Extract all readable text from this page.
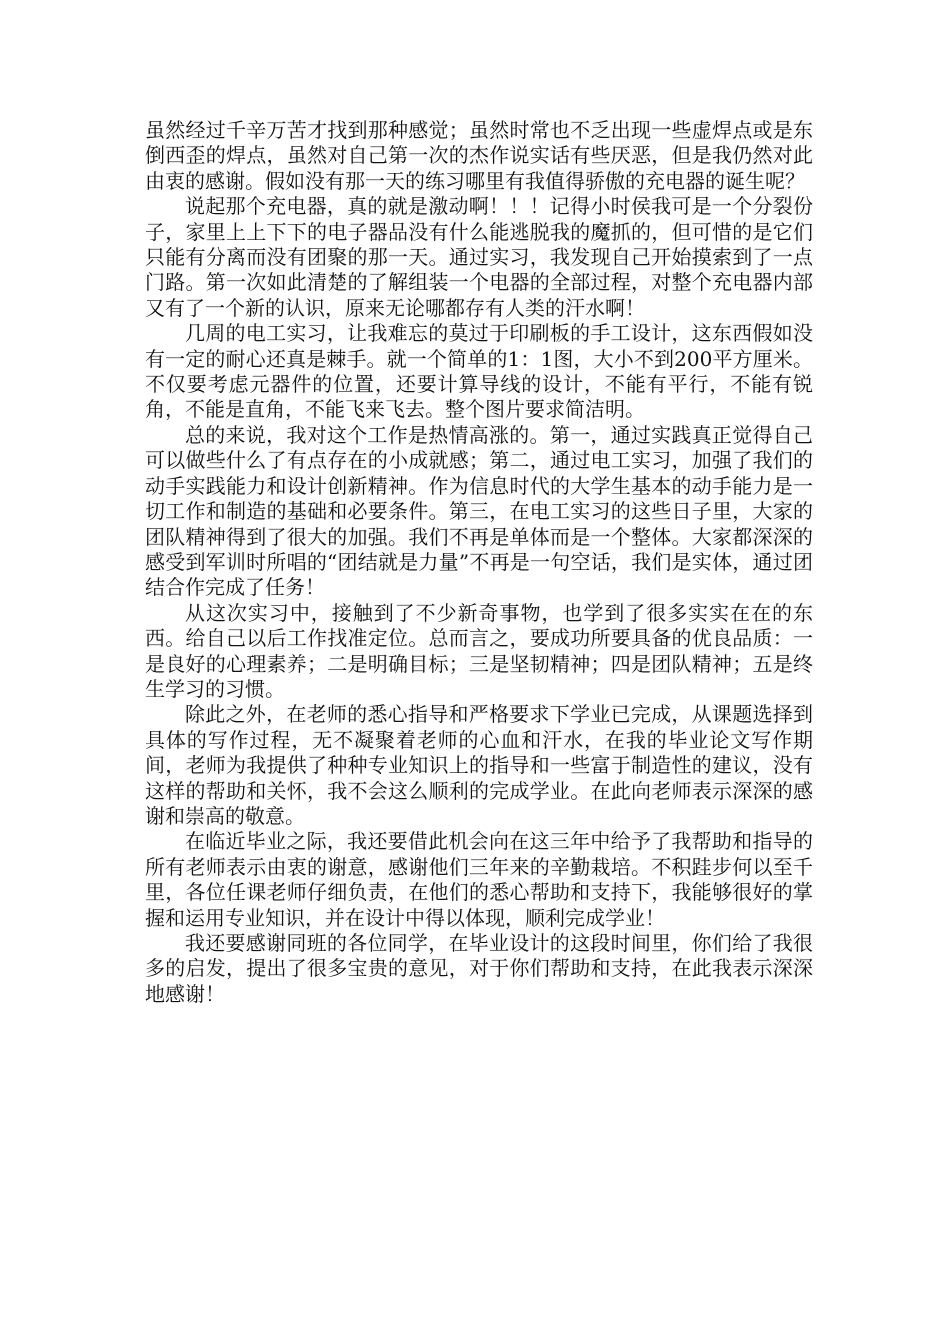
虽然经过千辛万苦才找到那种感觉；虽然时常也不乏出现一些虚焊点或是东倒西歪的焊点，虽然对自己第一次的杰作说实话有些厌恶，但是我仍然对此由衷的感谢。假如没有那一天的练习哪里有我值得骄傲的充电器的诞生呢？

说起那个充电器，真的就是激动啊！！！记得小时侯我可是一个分裂份子，家里上上下下的电子器品没有什么能逃脱我的魔抓的，但可惜的是它们只能有分离而没有团聚的那一天。通过实习，我发现自己开始摸索到了一点门路。第一次如此清楚的了解组装一个电器的全部过程，对整个充电器内部又有了一个新的认识，原来无论哪都存有人类的汗水啊！

几周的电工实习，让我难忘的莫过于印刷板的手工设计，这东西假如没有一定的耐心还真是棘手。就一个简单的1：1图，大小不到200平方厘米。不仅要考虑元器件的位置，还要计算导线的设计，不能有平行，不能有锐角，不能是直角，不能飞来飞去。整个图片要求简洁明。

总的来说，我对这个工作是热情高涨的。第一，通过实践真正觉得自己可以做些什么了有点存在的小成就感；第二，通过电工实习，加强了我们的动手实践能力和设计创新精神。作为信息时代的大学生基本的动手能力是一切工作和制造的基础和必要条件。第三，在电工实习的这些日子里，大家的团队精神得到了很大的加强。我们不再是单体而是一个整体。大家都深深的感受到军训时所唱的“团结就是力量”不再是一句空话，我们是实体，通过团结合作完成了任务！

从这次实习中，接触到了不少新奇事物，也学到了很多实实在在的东西。给自己以后工作找准定位。总而言之，要成功所要具备的优良品质：一是良好的心理素养；二是明确目标；三是坚韧精神；四是团队精神；五是终生学习的习惯。

除此之外，在老师的悉心指导和严格要求下学业已完成，从课题选择到具体的写作过程，无不凝聚着老师的心血和汗水，在我的毕业论文写作期间，老师为我提供了种种专业知识上的指导和一些富于制造性的建议，没有这样的帮助和关怀，我不会这么顺利的完成学业。在此向老师表示深深的感谢和崇高的敬意。

在临近毕业之际，我还要借此机会向在这三年中给予了我帮助和指导的所有老师表示由衷的谢意，感谢他们三年来的辛勤栽培。不积跬步何以至千里，各位任课老师仔细负责，在他们的悉心帮助和支持下，我能够很好的掌握和运用专业知识，并在设计中得以体现，顺利完成学业！

我还要感谢同班的各位同学，在毕业设计的这段时间里，你们给了我很多的启发，提出了很多宝贵的意见，对于你们帮助和支持，在此我表示深深地感谢！
